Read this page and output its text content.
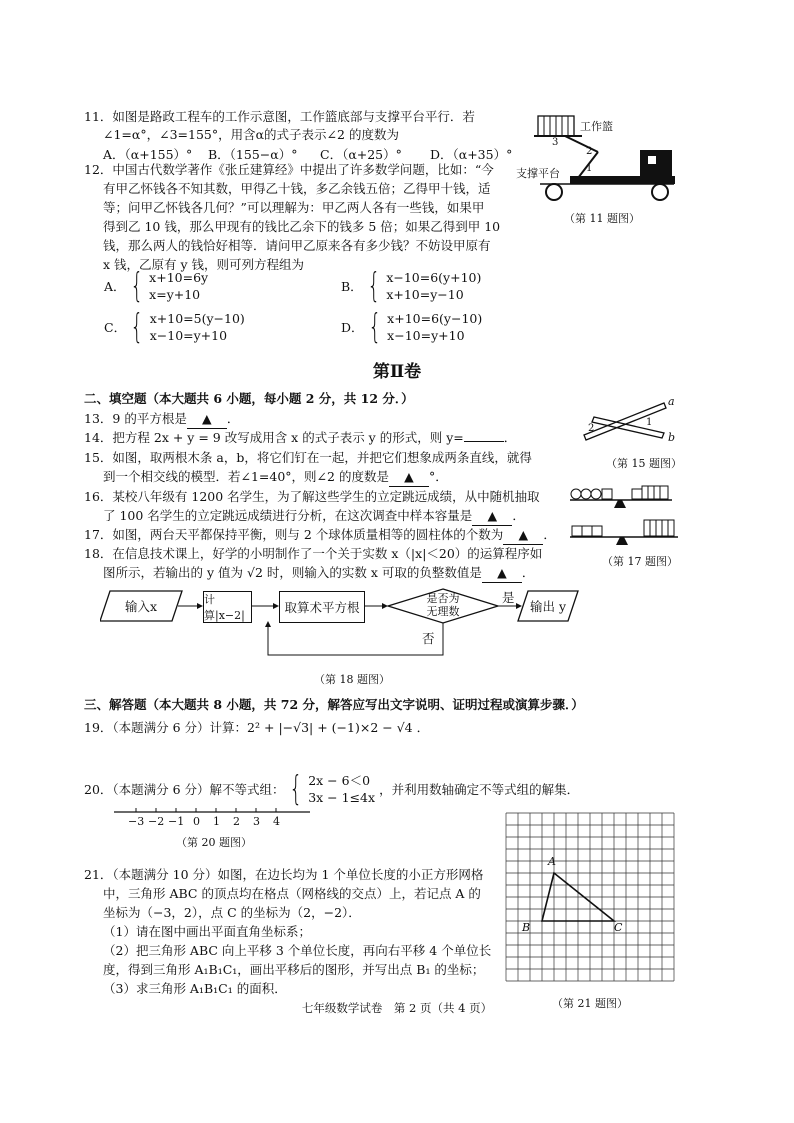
11．如图是路政工程车的工作示意图，工作篮底部与支撑平台平行．若
∠1=α°，∠3=155°，用含α的式子表示∠2 的度数为
A．（α+155）° B．（155−α）° C．（α+25）° D．（α+35）°
工作篮
支撑平台	1
2
3
（第 11 题图）
12．中国古代数学著作《张丘建算经》中提出了许多数学问题，比如：“今
有甲乙怀钱各不知其数，甲得乙十钱，多乙余钱五倍；乙得甲十钱，适
等；问甲乙怀钱各几何？”可以理解为：甲乙两人各有一些钱，如果甲
得到乙 10 钱，那么甲现有的钱比乙余下的钱多 5 倍；如果乙得到甲 10
钱，那么两人的钱恰好相等．请问甲乙原来各有多少钱？不妨设甲原有
x 钱，乙原有 y 钱，则可列方程组为
A． { x+10=6y
x=y+10
B． { x−10=6(y+10)
x+10=y−10
C． { x+10=5(y−10)
x−10=y+10
D． { x+10=6(y−10)
x−10=y+10
第Ⅱ卷
二、填空题（本大题共 6 小题，每小题 2 分，共 12 分．）
13．9 的平方根是 ▲ ．
14．把方程 2x + y = 9 改写成用含 x 的式子表示 y 的形式，则 y=	．
15．如图，取两根木条 a，b，将它们钉在一起，并把它们想象成两条直线，就得
到一个相交线的模型．若∠1=40°，则∠2 的度数是 ▲ °．
16．某校八年级有 1200 名学生，为了解这些学生的立定跳远成绩，从中随机抽取
了 100 名学生的立定跳远成绩进行分析，在这次调查中样本容量是 ▲ ．
17．如图，两台天平都保持平衡，则与 2 个球体质量相等的圆柱体的个数为 ▲ ．
18．在信息技术课上，好学的小明制作了一个关于实数 x（|x|＜20）的运算程序如
图所示，若输出的 y 值为 √2 时，则输入的实数 x 可取的负整数值是 ▲ ．
a
b
1
2
（第 15 题图）
（第 17 题图）
输入x	计算|x−2|
取算术平方根
是否为
无理数
是
否
输出 y
（第 18 题图）
三、解答题（本大题共 8 小题，共 72 分，解答应写出文字说明、证明过程或演算步骤．）
19．（本题满分 6 分）计算：2² + |−√3| + (−1)×2 − √4 ．
20．（本题满分 6 分）解不等式组： { 2x − 6＜0
3x − 1≤4x
，并利用数轴确定不等式组的解集．
−3 −2 −1 0 1 2 3 4
（第 20 题图）
21．（本题满分 10 分）如图，在边长均为 1 个单位长度的小正方形网格
中，三角形 ABC 的顶点均在格点（网格线的交点）上，若记点 A 的
坐标为（−3，2），点 C 的坐标为（2，−2）．
（1）请在图中画出平面直角坐标系；
（2）把三角形 ABC 向上平移 3 个单位长度，再向右平移 4 个单位长
度，得到三角形 A₁B₁C₁，画出平移后的图形，并写出点 B₁ 的坐标；
（3）求三角形 A₁B₁C₁ 的面积．
A
B	C
（第 21 题图）
七年级数学试卷　第 2 页（共 4 页）
